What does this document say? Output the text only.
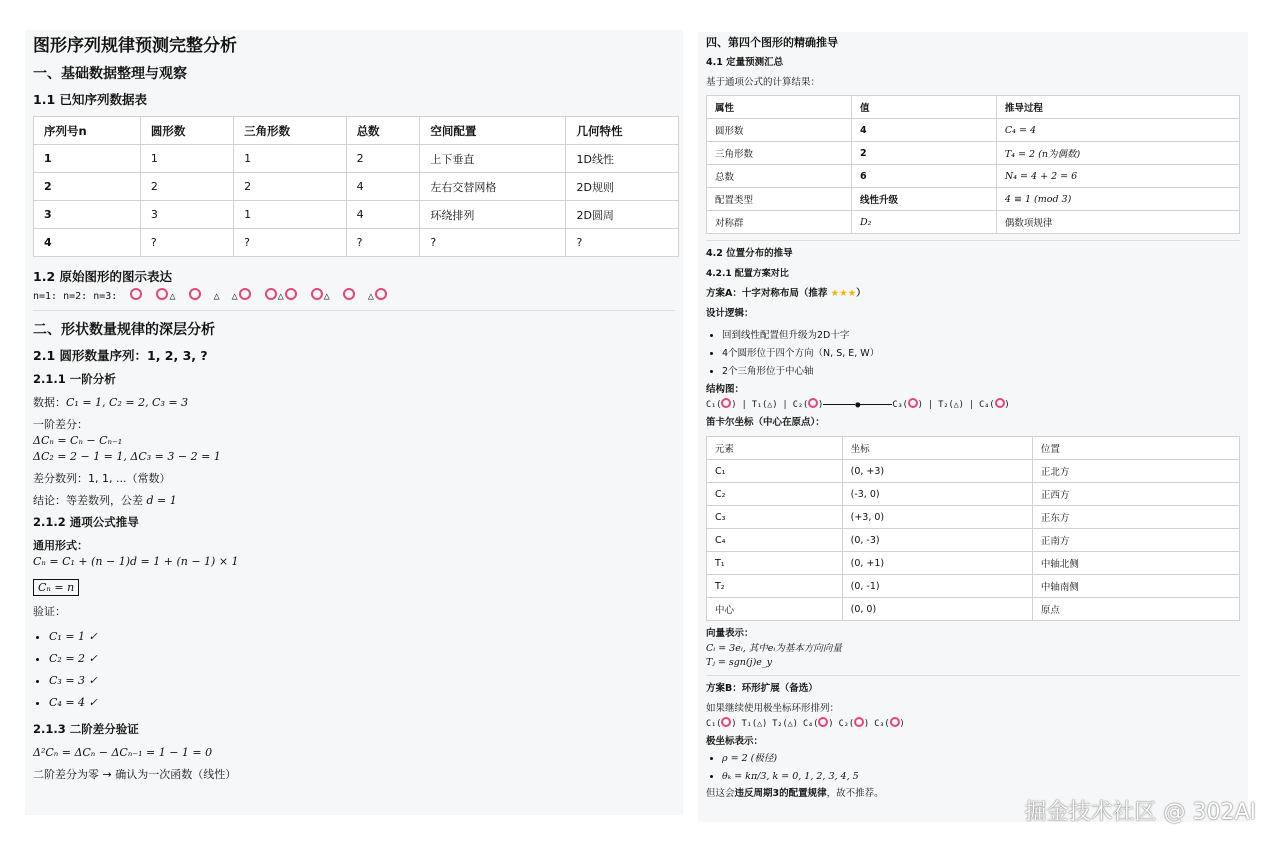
图形序列规律预测完整分析
一、基础数据整理与观察
1.1 已知序列数据表
序列号n	圆形数	三角形数	总数	空间配置	几何特性
1	1	1	2	上下垂直	1D线性
2	2	2	4	左右交替网格	2D规则
3	3	1	4	环绕排列	2D圆周
4	?	?	?	?	?
1.2 原始图形的图示表达
n=1: n=2: n=3:	△	△ △	△	△	△
二、形状数量规律的深层分析
2.1 圆形数量序列：1, 2, 3, ?
2.1.1 一阶分析

数据：C₁ = 1, C₂ = 2, C₃ = 3

一阶差分：

ΔCₙ = Cₙ − Cₙ₋₁

ΔC₂ = 2 − 1 = 1, ΔC₃ = 3 − 2 = 1

差分数列：1, 1, ...（常数）

结论：等差数列，公差 d = 1

2.1.2 通项公式推导

通用形式：

Cₙ = C₁ + (n − 1)d = 1 + (n − 1) × 1

Cₙ = n

验证：

• C₁ = 1 ✓
• C₂ = 2 ✓
• C₃ = 3 ✓
• C₄ = 4 ✓
2.1.3 二阶差分验证

Δ²Cₙ = ΔCₙ − ΔCₙ₋₁ = 1 − 1 = 0

二阶差分为零 → 确认为一次函数（线性）

四、第四个图形的精确推导
4.1 定量预测汇总
基于通项公式的计算结果：
属性	值	推导过程
圆形数	4	C₄ = 4
三角形数	2	T₄ = 2 (n为偶数)
总数	6	N₄ = 4 + 2 = 6
配置类型	线性升级	4 ≡ 1 (mod 3)
对称群	D₂	偶数项规律
4.2 位置分布的推导
4.2.1 配置方案对比
方案A：十字对称布局（推荐 ★★★）
设计逻辑：
• 回到线性配置但升级为2D十字
• 4个圆形位于四个方向（N, S, E, W）
• 2个三角形位于中心轴
结构图：
C₁( ) | T₁(△) | C₂( )	●	C₃( ) | T₂(△) | C₄( )
笛卡尔坐标（中心在原点）：
元素	坐标	位置
C₁	(0, +3)	正北方
C₂	(-3, 0)	正西方
C₃	(+3, 0)	正东方
C₄	(0, -3)	正南方
T₁	(0, +1)	中轴北侧
T₂	(0, -1)	中轴南侧
中心	(0, 0)	原点
向量表示：
Cᵢ = 3eᵢ, 其中eᵢ为基本方向向量
Tⱼ = sgn(j)e_y
方案B：环形扩展（备选）
如果继续使用极坐标环形排列：
C₁( ) T₁(△) T₂(△) C₄( ) C₂( ) C₃( )
极坐标表示：
• ρ = 2 (极径)
• θₖ = kπ/3, k = 0, 1, 2, 3, 4, 5
但这会违反周期3的配置规律，故不推荐。
掘金技术社区 @ 302AI
